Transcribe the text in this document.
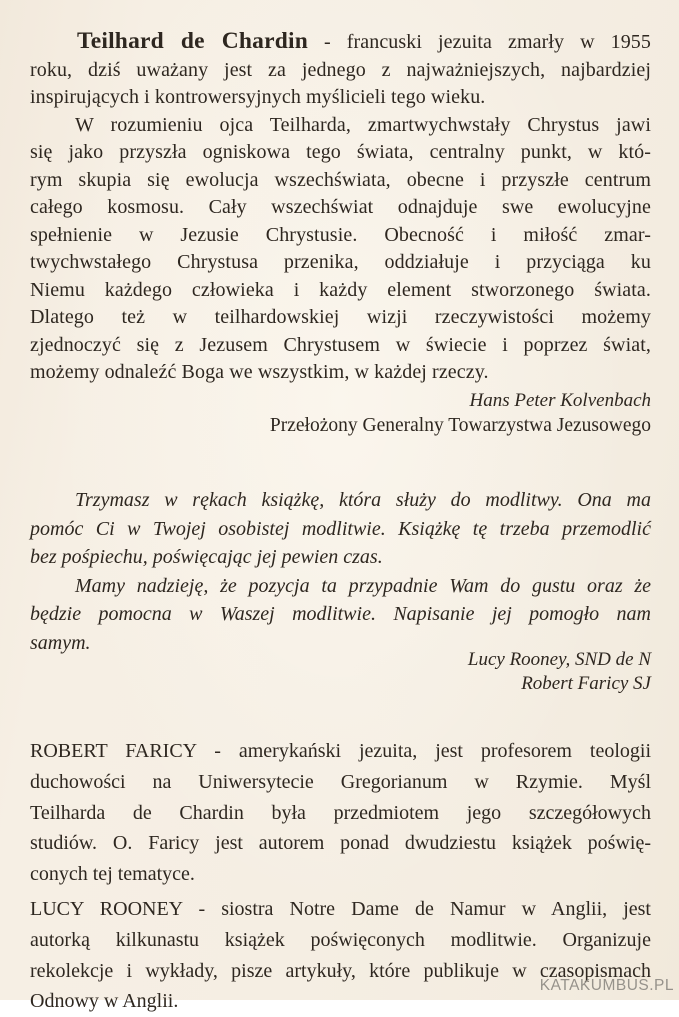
Teilhard de Chardin - francuski jezuita zmarły w 1955
roku, dziś uważany jest za jednego z najważniejszych, najbardziej
inspirujących i kontrowersyjnych myślicieli tego wieku.
W rozumieniu ojca Teilharda, zmartwychwstały Chrystus jawi
się jako przyszła ogniskowa tego świata, centralny punkt, w któ-
rym skupia się ewolucja wszechświata, obecne i przyszłe centrum
całego kosmosu. Cały wszechświat odnajduje swe ewolucyjne
spełnienie w Jezusie Chrystusie. Obecność i miłość zmar-
twychwstałego Chrystusa przenika, oddziałuje i przyciąga ku
Niemu każdego człowieka i każdy element stworzonego świata.
Dlatego też w teilhardowskiej wizji rzeczywistości możemy
zjednoczyć się z Jezusem Chrystusem w świecie i poprzez świat,
możemy odnaleźć Boga we wszystkim, w każdej rzeczy.
Hans Peter Kolvenbach
Przełożony Generalny Towarzystwa Jezusowego
Trzymasz w rękach książkę, która służy do modlitwy. Ona ma
pomóc Ci w Twojej osobistej modlitwie. Książkę tę trzeba przemodlić
bez pośpiechu, poświęcając jej pewien czas.
Mamy nadzieję, że pozycja ta przypadnie Wam do gustu oraz że
będzie pomocna w Waszej modlitwie. Napisanie jej pomogło nam
samym.
Lucy Rooney, SND de N
Robert Faricy SJ
ROBERT FARICY - amerykański jezuita, jest profesorem teologii
duchowości na Uniwersytecie Gregorianum w Rzymie. Myśl
Teilharda de Chardin była przedmiotem jego szczegółowych
studiów. O. Faricy jest autorem ponad dwudziestu książek poświę-
conych tej tematyce.
LUCY ROONEY - siostra Notre Dame de Namur w Anglii, jest
autorką kilkunastu książek poświęconych modlitwie. Organizuje
rekolekcje i wykłady, pisze artykuły, które publikuje w czasopismach
Odnowy w Anglii.
KATAKUMBUS.PL
